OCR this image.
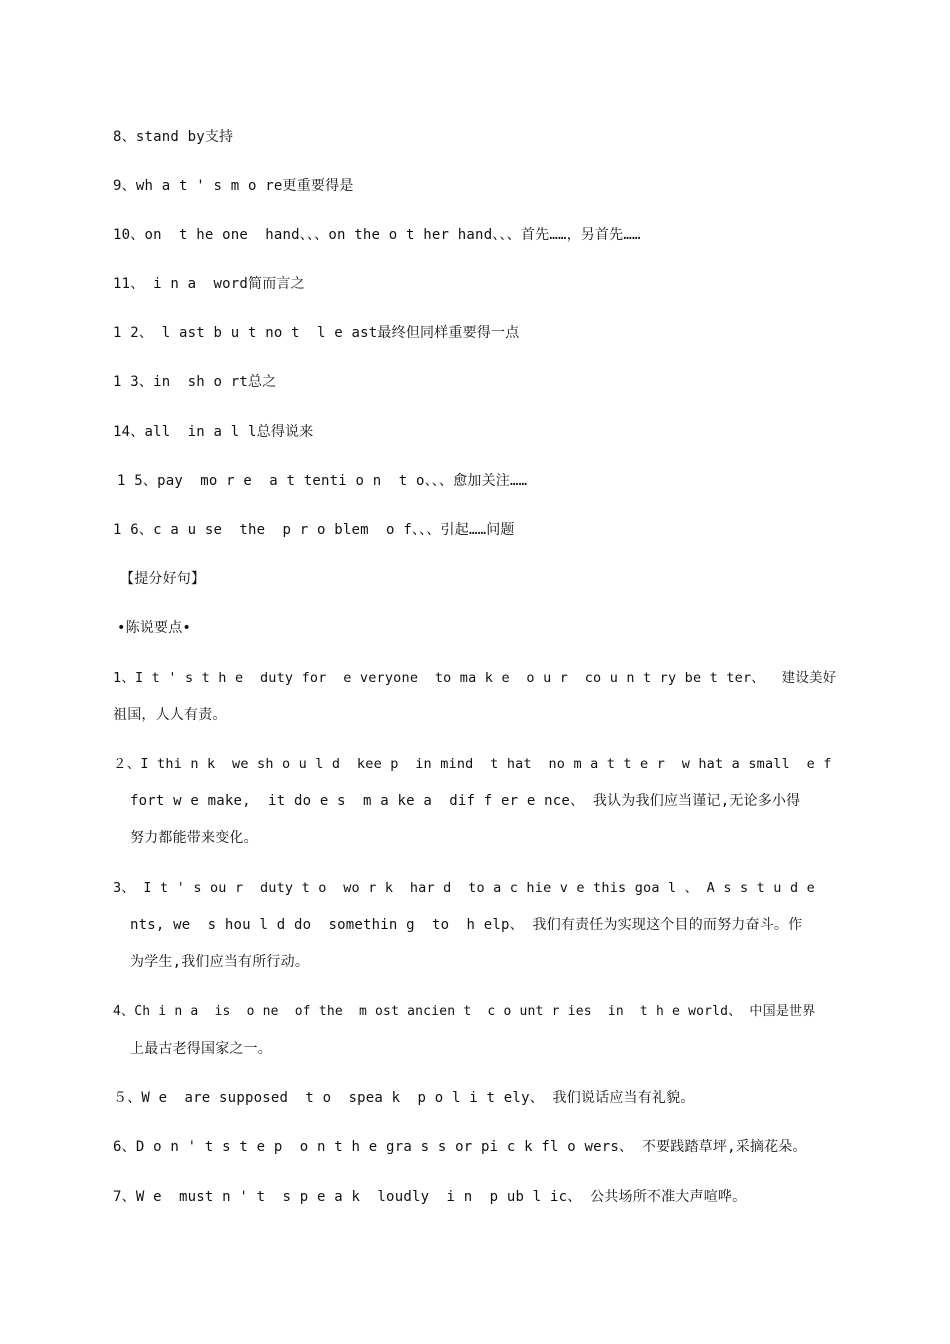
8、stand by支持
9、wh a t ' s m o re更重要得是
10、on  t he one  hand、、、on the o t her hand、、、首先……，另首先……
11、 i n a  word简而言之
1 2、 l ast b u t no t  l e ast最终但同样重要得一点
1 3、in  sh o rt总之
14、all  in a l l总得说来
1 5、pay  mo r e  a t tenti o n  t o、、、愈加关注……
1 6、c a u se  the  p r o blem  o f、、、引起……问题
【提分好句】
•陈说要点•
1、I t ' s t h e  duty for  e veryone  to ma k e  o u r  co u n t ry be t ter、  建设美好
祖国，人人有责。
２、I thi n k  we sh o u l d  kee p  in mind  t hat  no m a t t e r  w hat a small  e f
fort w e make,  it do e s  m a ke a  dif f er e nce、 我认为我们应当谨记,无论多小得
努力都能带来变化。
3、 I t ' s ou r  duty t o  wo r k  har d  to a c hie v e this goa l 、 A s s t u d e
nts, we  s hou l d do  somethin g  to  h elp、 我们有责任为实现这个目的而努力奋斗。作
为学生,我们应当有所行动。
4、Ch i n a  is  o ne  of the  m ost ancien t  c o unt r ies  in  t h e world、 中国是世界
上最古老得国家之一。
５、W e  are supposed  t o  spea k  p o l i t ely、 我们说话应当有礼貌。
6、D o n ' t s t e p  o n t h e gra s s or pi c k fl o wers、 不要践踏草坪,采摘花朵。
7、W e  must n ' t  s p e a k  loudly  i n  p ub l ic、 公共场所不准大声喧哗。
